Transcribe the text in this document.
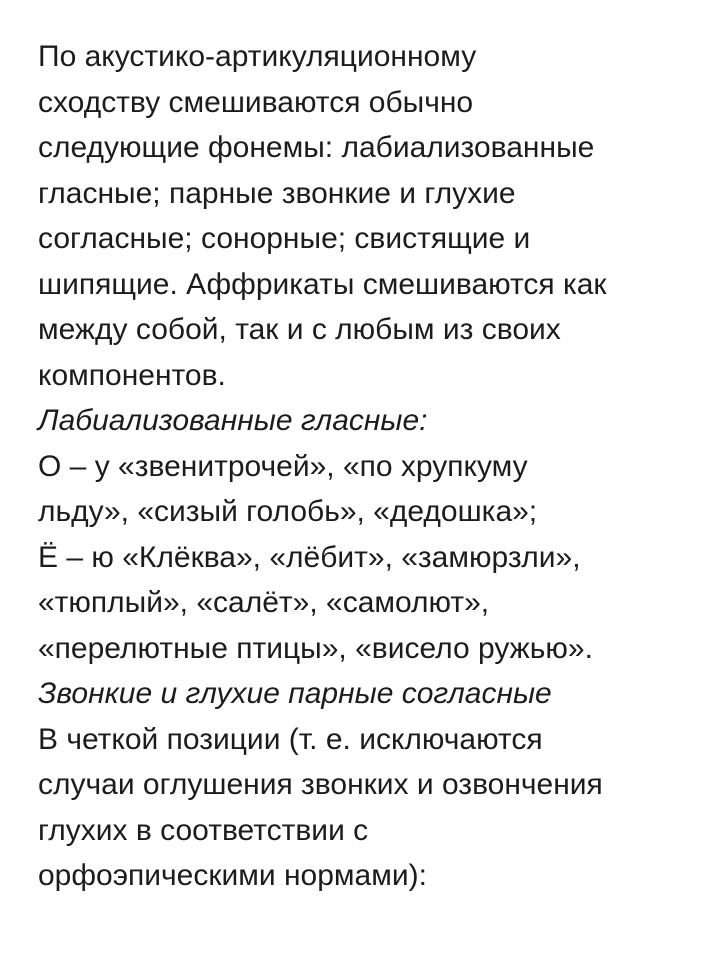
По акустико-артикуляционному
сходству смешиваются обычно
следующие фонемы: лабиализованные
гласные; парные звонкие и глухие
согласные; сонорные; свистящие и
шипящие. Аффрикаты смешиваются как
между собой, так и с любым из своих
компонентов.
Лабиализованные гласные:
О – у «звенитрочей», «по хрупкуму
льду», «сизый голобь», «дедошка»;
Ё – ю «Клёква», «лёбит», «замюрзли»,
«тюплый», «салёт», «самолют»,
«перелютные птицы», «висело ружью».
Звонкие и глухие парные согласные
В четкой позиции (т. е. исключаются
случаи оглушения звонких и озвончения
глухих в соответствии с
орфоэпическими нормами):
